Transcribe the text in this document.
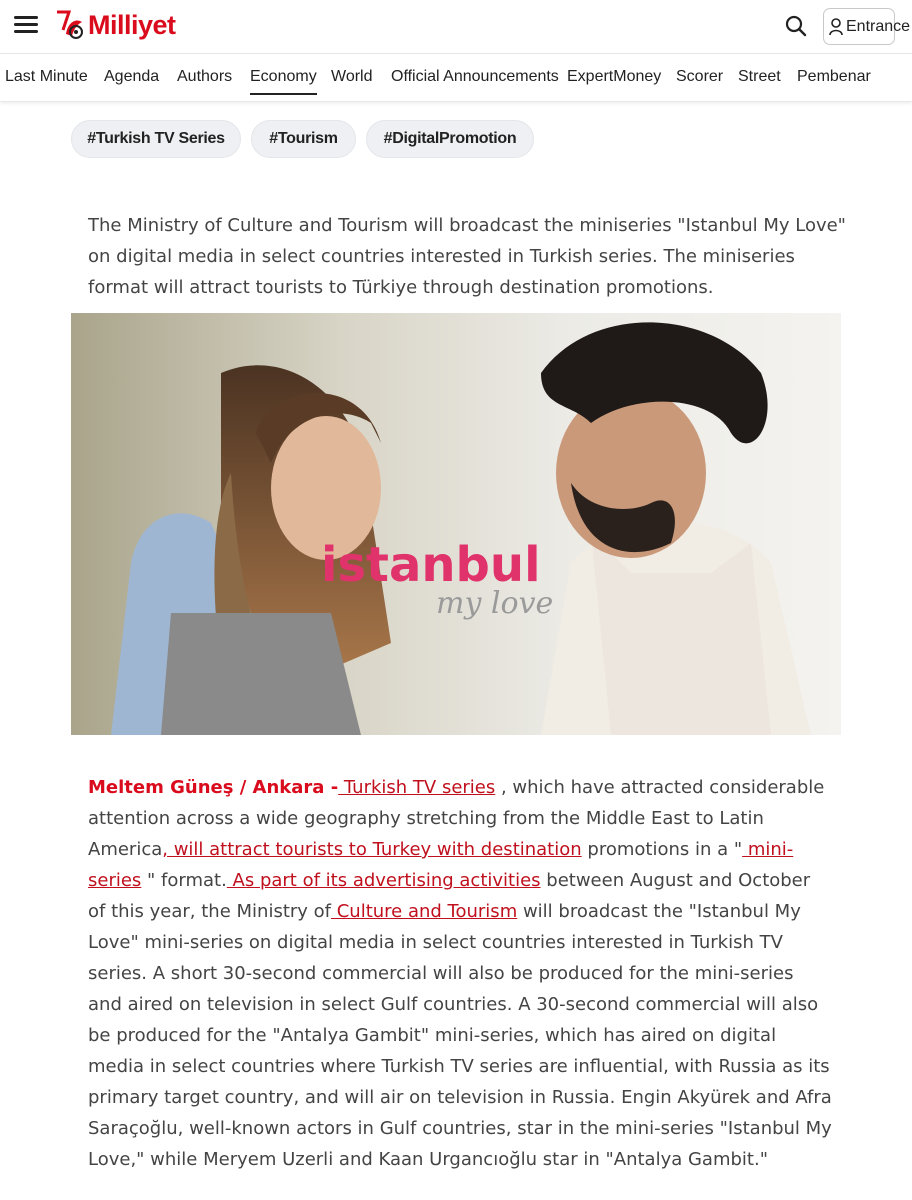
Milliyet	Entrance
Last Minute Agenda Authors Economy World Official Announcements ExpertMoney Scorer Street Pembenar
#Turkish TV Series	#Tourism	#DigitalPromotion

The Ministry of Culture and Tourism will broadcast the miniseries "Istanbul My Love" on digital media in select countries interested in Turkish series. The miniseries format will attract tourists to Türkiye through destination promotions.

istanbul
my love

Meltem Güneş / Ankara - Turkish TV series , which have attracted considerable attention across a wide geography stretching from the Middle East to Latin America, will attract tourists to Turkey with destination promotions in a " mini-series " format. As part of its advertising activities between August and October of this year, the Ministry of Culture and Tourism will broadcast the "Istanbul My Love" mini-series on digital media in select countries interested in Turkish TV series. A short 30-second commercial will also be produced for the mini-series and aired on television in select Gulf countries. A 30-second commercial will also be produced for the "Antalya Gambit" mini-series, which has aired on digital media in select countries where Turkish TV series are influential, with Russia as its primary target country, and will air on television in Russia. Engin Akyürek and Afra Saraçoğlu, well-known actors in Gulf countries, star in the mini-series "Istanbul My Love," while Meryem Uzerli and Kaan Urgancıoğlu star in "Antalya Gambit."
